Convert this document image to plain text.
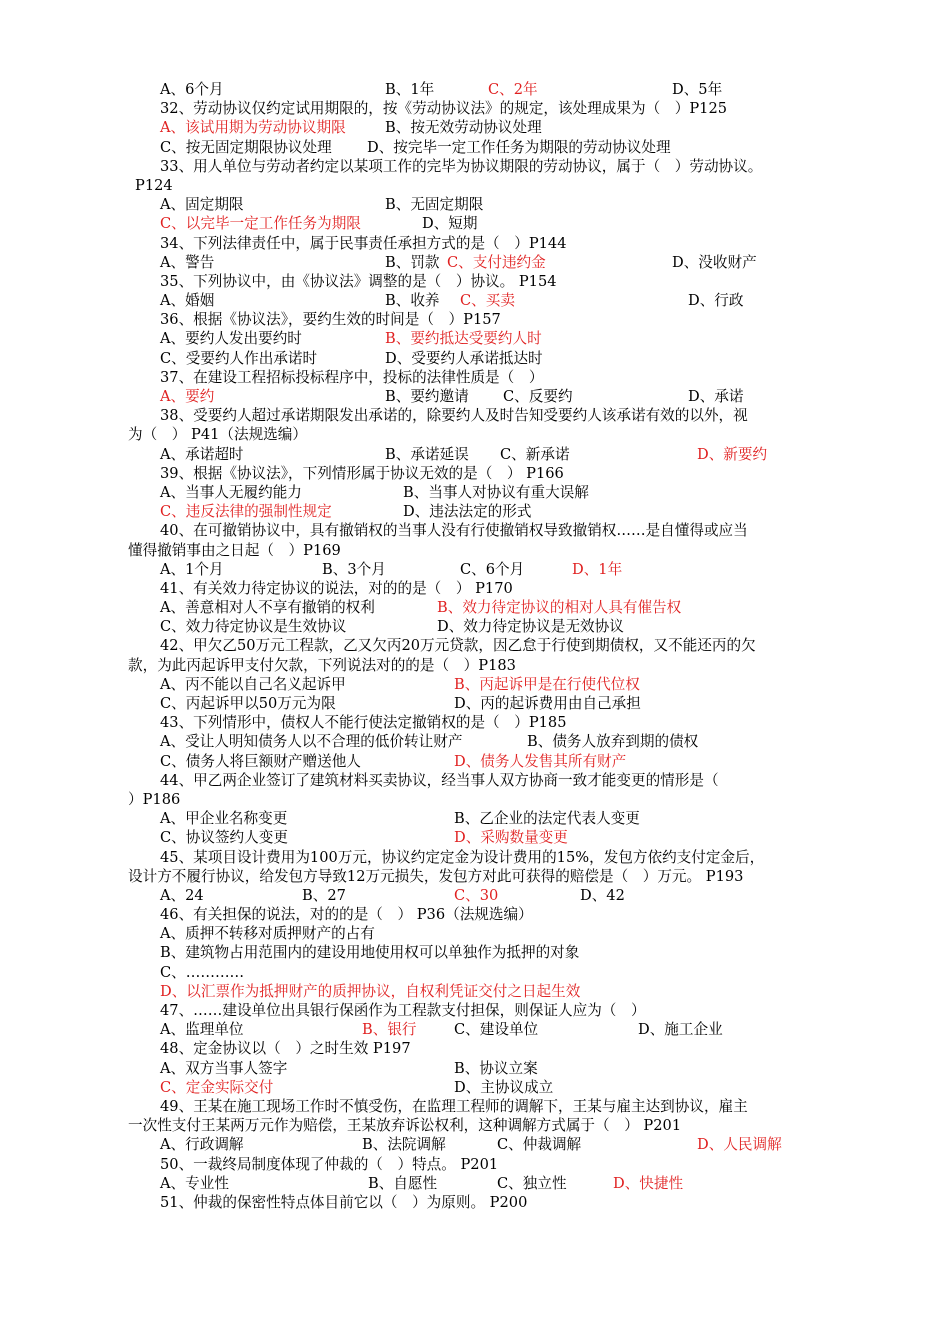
A、6个月	B、1年	C、2年	D、5年
32、劳动协议仅约定试用期限的，按《劳动协议法》的规定，该处理成果为（　）P125
A、该试用期为劳动协议期限	B、按无效劳动协议处理
C、按无固定期限协议处理 D、按完毕一定工作任务为期限的劳动协议处理
33、用人单位与劳动者约定以某项工作的完毕为协议期限的劳动协议，属于（　）劳动协议。
P124
A、固定期限	B、无固定期限
C、以完毕一定工作任务为期限	D、短期
34、下列法律责任中，属于民事责任承担方式的是（　）P144
A、警告	B、罚款 C、支付违约金	D、没收财产
35、下列协议中，由《协议法》调整的是（　）协议。 P154
A、婚姻	B、收养 C、买卖	D、行政
36、根据《协议法》，要约生效的时间是（　）P157
A、要约人发出要约时	B、要约抵达受要约人时
C、受要约人作出承诺时	D、受要约人承诺抵达时
37、在建设工程招标投标程序中，投标的法律性质是（　）
A、要约	B、要约邀请 C、反要约	D、承诺
38、受要约人超过承诺期限发出承诺的，除要约人及时告知受要约人该承诺有效的以外，视
为（　） P41（法规选编）
A、承诺超时	B、承诺延误 C、新承诺	D、新要约
39、根据《协议法》，下列情形属于协议无效的是（　） P166
A、当事人无履约能力	B、当事人对协议有重大误解
C、违反法律的强制性规定	D、违法法定的形式
40、在可撤销协议中，具有撤销权的当事人没有行使撤销权导致撤销权……是自懂得或应当
懂得撤销事由之日起（　）P169
A、1个月	B、3个月	C、6个月	D、1年
41、有关效力待定协议的说法，对的的是（　） P170
A、善意相对人不享有撤销的权利	B、效力待定协议的相对人具有催告权
C、效力待定协议是生效协议	D、效力待定协议是无效协议
42、甲欠乙50万元工程款，乙又欠丙20万元贷款，因乙怠于行使到期债权，又不能还丙的欠
款，为此丙起诉甲支付欠款，下列说法对的的是（　）P183
A、丙不能以自己名义起诉甲	B、丙起诉甲是在行使代位权
C、丙起诉甲以50万元为限	D、丙的起诉费用由自己承担
43、下列情形中，债权人不能行使法定撤销权的是（　）P185
A、受让人明知债务人以不合理的低价转让财产	B、债务人放弃到期的债权
C、债务人将巨额财产赠送他人	D、债务人发售其所有财产
44、甲乙两企业签订了建筑材料买卖协议，经当事人双方协商一致才能变更的情形是（
）P186
A、甲企业名称变更	B、乙企业的法定代表人变更
C、协议签约人变更	D、采购数量变更
45、某项目设计费用为100万元，协议约定定金为设计费用的15%，发包方依约支付定金后，
设计方不履行协议，给发包方导致12万元损失，发包方对此可获得的赔偿是（　）万元。 P193
A、24	B、27	C、30	D、42
46、有关担保的说法，对的的是（　） P36（法规选编）
A、质押不转移对质押财产的占有
B、建筑物占用范围内的建设用地使用权可以单独作为抵押的对象
C、…………
D、以汇票作为抵押财产的质押协议，自权利凭证交付之日起生效
47、……建设单位出具银行保函作为工程款支付担保，则保证人应为（　）
A、监理单位	B、银行	C、建设单位	D、施工企业
48、定金协议以（　）之时生效 P197
A、双方当事人签字	B、协议立案
C、定金实际交付	D、主协议成立
49、王某在施工现场工作时不慎受伤，在监理工程师的调解下，王某与雇主达到协议，雇主
一次性支付王某两万元作为赔偿，王某放弃诉讼权利，这种调解方式属于（　） P201
A、行政调解	B、法院调解	C、仲裁调解	D、人民调解
50、一裁终局制度体现了仲裁的（　）特点。 P201
A、专业性	B、自愿性	C、独立性	D、快捷性
51、仲裁的保密性特点体目前它以（　）为原则。 P200
